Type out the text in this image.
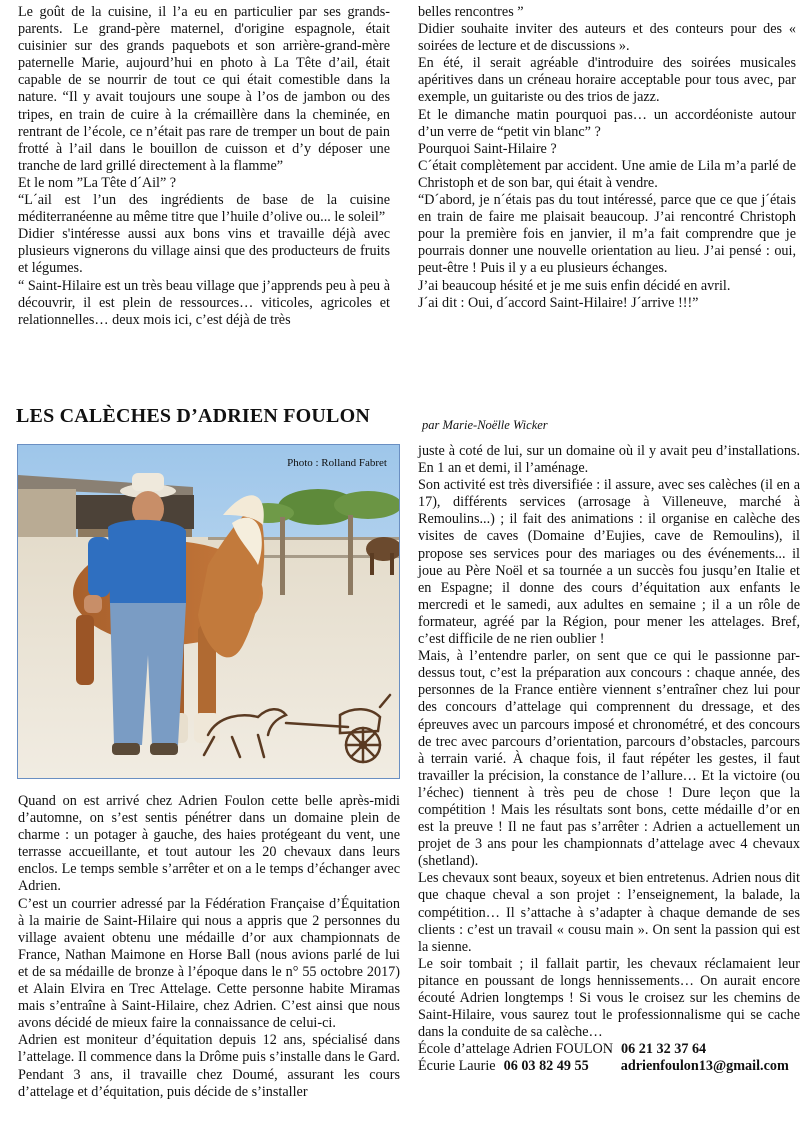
Le goût de la cuisine, il l’a eu en particulier par ses grands-parents. Le grand-père maternel, d'origine espagnole, était cuisinier sur des grands paquebots et son arrière-grand-mère paternelle Marie, aujourd’hui en photo à La Tête d’ail, était capable de se nourrir de tout ce qui était comestible dans la nature. “Il y avait toujours une soupe à l’os de jambon ou des tripes, en train de cuire à la crémaillère dans la cheminée, en rentrant de l’école, ce n’était pas rare de tremper un bout de pain frotté à l’ail dans le bouillon de cuisson et d’y déposer une tranche de lard grillé directement à la flamme”

Et le nom ”La Tête d´Ail” ?

“L´ail est l’un des ingrédients de base de la cuisine méditerranéenne au même titre que l’huile d’olive ou... le soleil”

Didier s'intéresse aussi aux bons vins et travaille déjà avec plusieurs vignerons du village ainsi que des producteurs de fruits et légumes.

“ Saint-Hilaire est un très beau village que j’apprends peu à peu à découvrir, il est plein de ressources… viticoles, agricoles et relationnelles… deux mois ici, c’est déjà de très

belles rencontres ”

Didier souhaite inviter des auteurs et des conteurs pour des « soirées de lecture et de discussions ».

En été, il serait agréable d'introduire des soirées musicales apéritives dans un créneau horaire acceptable pour tous avec, par exemple, un guitariste ou des trios de jazz.

Et le dimanche matin pourquoi pas… un accordéoniste autour d’un verre de “petit vin blanc” ?

Pourquoi Saint-Hilaire ?

C´était complètement par accident. Une amie de Lila m’a parlé de Christoph et de son bar, qui était à vendre.

“D´abord, je n´étais pas du tout intéressé, parce que ce que j´étais en train de faire me plaisait beaucoup. J’ai rencontré Christoph pour la première fois en janvier, il m’a fait comprendre que je pourrais donner une nouvelle orientation au lieu. J’ai pensé : oui, peut-être ! Puis il y a eu plusieurs échanges.

J’ai beaucoup hésité et je me suis enfin décidé en avril.

J´ai dit : Oui, d´accord Saint-Hilaire! J´arrive !!!”

LES CALÈCHES D’ADRIEN FOULON	par Marie-Noëlle Wicker
Photo : Rolland Fabret

Quand on est arrivé chez Adrien Foulon cette belle après-midi d’automne, on s’est sentis pénétrer dans un domaine plein de charme : un potager à gauche, des haies protégeant du vent, une terrasse accueillante, et tout autour les 20 chevaux dans leurs enclos. Le temps semble s’arrêter et on a le temps d’échanger avec Adrien.

C’est un courrier adressé par la Fédération Française d’Équitation à la mairie de Saint-Hilaire qui nous a appris que 2 personnes du village avaient obtenu une médaille d’or aux championnats de France, Nathan Maimone en Horse Ball (nous avions parlé de lui et de sa médaille de bronze à l’époque dans le n° 55 octobre 2017) et Alain Elvira en Trec Attelage. Cette personne habite Miramas mais s’entraîne à Saint-Hilaire, chez Adrien. C’est ainsi que nous avons décidé de mieux faire la connaissance de celui-ci.

Adrien est moniteur d’équitation depuis 12 ans, spécialisé dans l’attelage. Il commence dans la Drôme puis s’installe dans le Gard. Pendant 3 ans, il travaille chez Doumé, assurant les cours d’attelage et d’équitation, puis décide de s’installer

juste à coté de lui, sur un domaine où il y avait peu d’installations. En 1 an et demi, il l’aménage.

Son activité est très diversifiée : il assure, avec ses calèches (il en a 17), différents services (arrosage à Villeneuve, marché à Remoulins...) ; il fait des animations : il organise en calèche des visites de caves (Domaine d’Eujies, cave de Remoulins), il propose ses services pour des mariages ou des événements... il joue au Père Noël et sa tournée a un succès fou jusqu’en Italie et en Espagne; il donne des cours d’équitation aux enfants le mercredi et le samedi, aux adultes en semaine ; il a un rôle de formateur, agréé par la Région, pour mener les attelages. Bref, c’est difficile de ne rien oublier !

Mais, à l’entendre parler, on sent que ce qui le passionne par-dessus tout, c’est la préparation aux concours : chaque année, des personnes de la France entière viennent s’entraîner chez lui pour des concours d’attelage qui comprennent du dressage, et des épreuves avec un parcours imposé et chronométré, et des concours de trec avec parcours d’orientation, parcours d’obstacles, parcours à terrain varié. À chaque fois, il faut répéter les gestes, il faut travailler la précision, la constance de l’allure… Et la victoire (ou l’échec) tiennent à très peu de chose ! Dure leçon que la compétition ! Mais les résultats sont bons, cette médaille d’or en est la preuve ! Il ne faut pas s’arrêter : Adrien a actuellement un projet de 3 ans pour les championnats d’attelage avec 4 chevaux (shetland).

Les chevaux sont beaux, soyeux et bien entretenus. Adrien nous dit que chaque cheval a son projet : l’enseignement, la balade, la compétition… Il s’attache à s’adapter à chaque demande de ses clients : c’est un travail « cousu main ». On sent la passion qui est la sienne.

Le soir tombait ; il fallait partir, les chevaux réclamaient leur pitance en poussant de longs hennissements… On aurait encore écouté Adrien longtemps ! Si vous le croisez sur les chemins de Saint-Hilaire, vous saurez tout le professionnalisme qui se cache dans la conduite de sa calèche…

École d’attelage Adrien FOULON 06 21 32 37 64

Écurie Laurie 06 03 82 49 55 adrienfoulon13@gmail.com
